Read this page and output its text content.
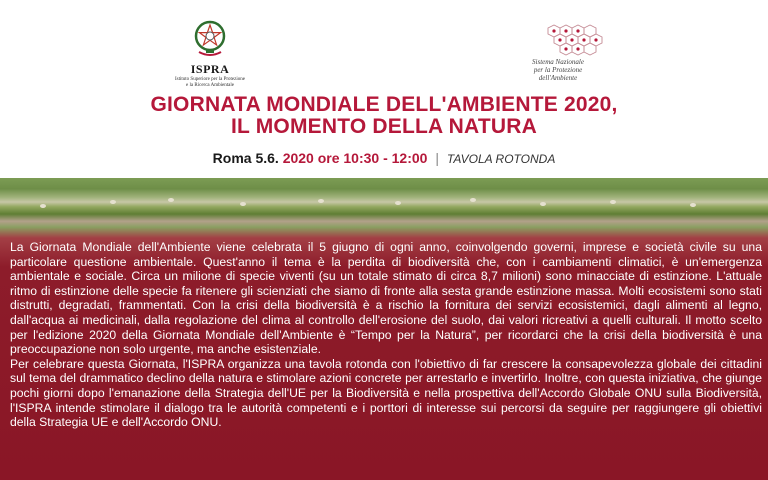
ISPRA
Istituto Superiore per la Protezione
e la Ricerca Ambientale
Sistema Nazionale
per la Protezione
dell'Ambiente
GIORNATA MONDIALE DELL'AMBIENTE 2020,
IL MOMENTO DELLA NATURA
Roma 5.6. 2020 ore 10:30 - 12:00 | TAVOLA ROTONDA

La Giornata Mondiale dell'Ambiente viene celebrata il 5 giugno di ogni anno, coinvolgendo governi, imprese e società civile su una particolare questione ambientale. Quest'anno il tema è la perdita di biodiversità che, con i cambiamenti climatici, è un'emergenza ambientale e sociale. Circa un milione di specie viventi (su un totale stimato di circa 8,7 milioni) sono minacciate di estinzione. L'attuale ritmo di estinzione delle specie fa ritenere gli scienziati che siamo di fronte alla sesta grande estinzione massa. Molti ecosistemi sono stati distrutti, degradati, frammentati. Con la crisi della biodiversità è a rischio la fornitura dei servizi ecosistemici, dagli alimenti al legno, dall'acqua ai medicinali, dalla regolazione del clima al controllo dell'erosione del suolo, dai valori ricreativi a quelli culturali. Il motto scelto per l'edizione 2020 della Giornata Mondiale dell'Ambiente è “Tempo per la Natura”, per ricordarci che la crisi della biodiversità è una preoccupazione non solo urgente, ma anche esistenziale.

Per celebrare questa Giornata, l'ISPRA organizza una tavola rotonda con l'obiettivo di far crescere la consapevolezza globale dei cittadini sul tema del drammatico declino della natura e stimolare azioni concrete per arrestarlo e invertirlo. Inoltre, con questa iniziativa, che giunge pochi giorni dopo l'emanazione della Strategia dell'UE per la Biodiversità e nella prospettiva dell'Accordo Globale ONU sulla Biodiversità, l'ISPRA intende stimolare il dialogo tra le autorità competenti e i porttori di interesse sui percorsi da seguire per raggiungere gli obiettivi della Strategia UE e dell'Accordo ONU.
